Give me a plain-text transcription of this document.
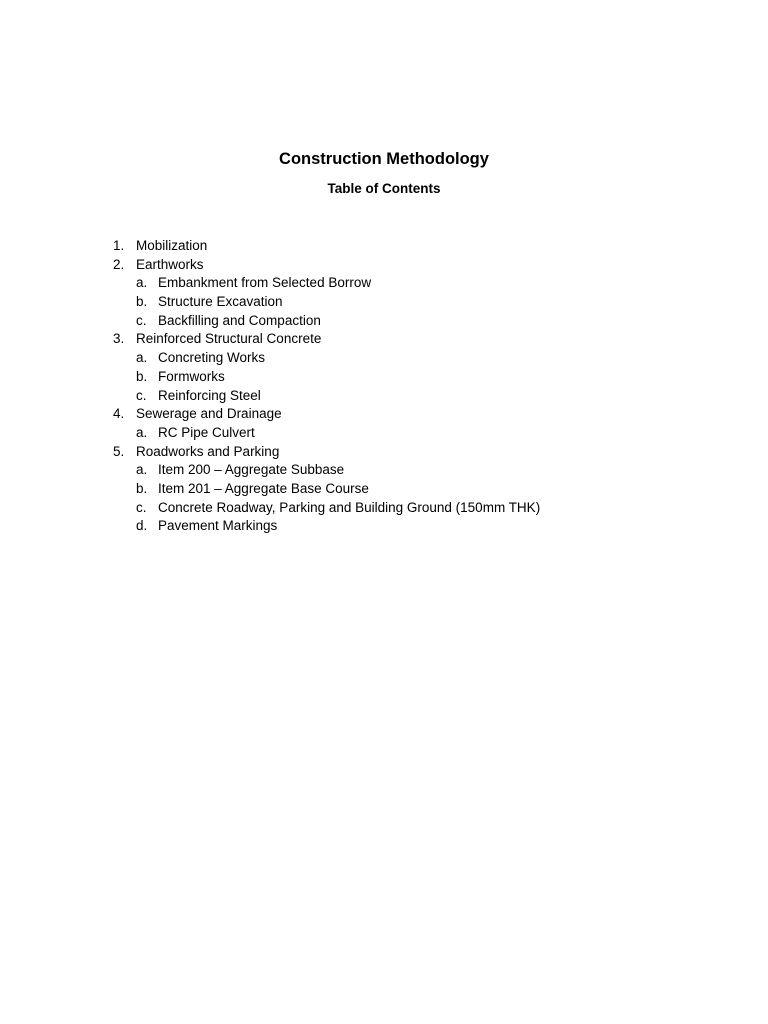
Construction Methodology
Table of Contents
1. Mobilization
2. Earthworks
a. Embankment from Selected Borrow
b. Structure Excavation
c. Backfilling and Compaction
3. Reinforced Structural Concrete
a. Concreting Works
b. Formworks
c. Reinforcing Steel
4. Sewerage and Drainage
a. RC Pipe Culvert
5. Roadworks and Parking
a. Item 200 – Aggregate Subbase
b. Item 201 – Aggregate Base Course
c. Concrete Roadway, Parking and Building Ground (150mm THK)
d. Pavement Markings
